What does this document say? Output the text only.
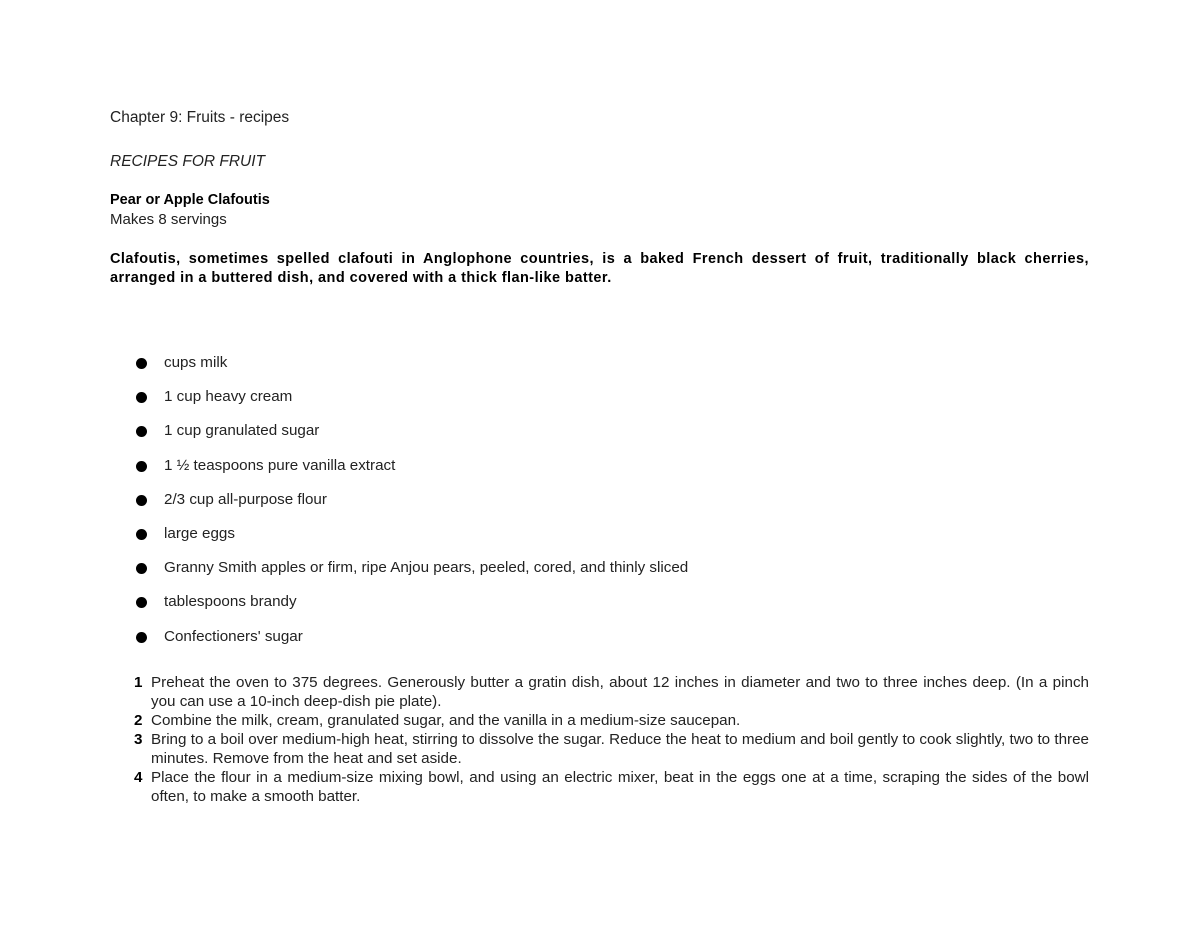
Chapter 9: Fruits - recipes
RECIPES FOR FRUIT
Pear or Apple Clafoutis
Makes 8 servings
Clafoutis, sometimes spelled clafouti in Anglophone countries, is a baked French dessert of fruit, traditionally black cherries, arranged in a buttered dish, and covered with a thick flan-like batter.
cups milk
1 cup heavy cream
1 cup granulated sugar
1 ½ teaspoons pure vanilla extract
2/3 cup all-purpose flour
large eggs
Granny Smith apples or firm, ripe Anjou pears, peeled, cored, and thinly sliced
tablespoons brandy
Confectioners' sugar
1 Preheat the oven to 375 degrees. Generously butter a gratin dish, about 12 inches in diameter and two to three inches deep. (In a pinch you can use a 10-inch deep-dish pie plate).
2 Combine the milk, cream, granulated sugar, and the vanilla in a medium-size saucepan.
3 Bring to a boil over medium-high heat, stirring to dissolve the sugar. Reduce the heat to medium and boil gently to cook slightly, two to three minutes. Remove from the heat and set aside.
4 Place the flour in a medium-size mixing bowl, and using an electric mixer, beat in the eggs one at a time, scraping the sides of the bowl often, to make a smooth batter.
